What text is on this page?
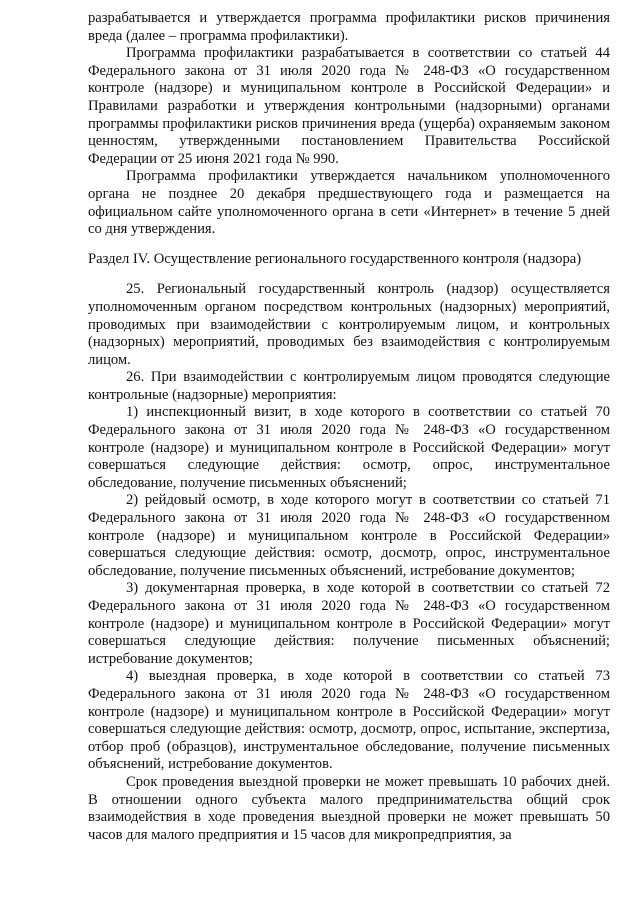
разрабатывается и утверждается программа профилактики рисков причинения вреда (далее – программа профилактики).

Программа профилактики разрабатывается в соответствии со статьей 44 Федерального закона от 31 июля 2020 года № 248-ФЗ «О государственном контроле (надзоре) и муниципальном контроле в Российской Федерации» и Правилами разработки и утверждения контрольными (надзорными) органами программы профилактики рисков причинения вреда (ущерба) охраняемым законом ценностям, утвержденными постановлением Правительства Российской Федерации от 25 июня 2021 года № 990.

Программа профилактики утверждается начальником уполномоченного органа не позднее 20 декабря предшествующего года и размещается на официальном сайте уполномоченного органа в сети «Интернет» в течение 5 дней со дня утверждения.

Раздел IV. Осуществление регионального государственного контроля (надзора)

25. Региональный государственный контроль (надзор) осуществляется уполномоченным органом посредством контрольных (надзорных) мероприятий, проводимых при взаимодействии с контролируемым лицом, и контрольных (надзорных) мероприятий, проводимых без взаимодействия с контролируемым лицом.

26. При взаимодействии с контролируемым лицом проводятся следующие контрольные (надзорные) мероприятия:

1) инспекционный визит, в ходе которого в соответствии со статьей 70 Федерального закона от 31 июля 2020 года № 248-ФЗ «О государственном контроле (надзоре) и муниципальном контроле в Российской Федерации» могут совершаться следующие действия: осмотр, опрос, инструментальное обследование, получение письменных объяснений;

2) рейдовый осмотр, в ходе которого могут в соответствии со статьей 71 Федерального закона от 31 июля 2020 года № 248-ФЗ «О государственном контроле (надзоре) и муниципальном контроле в Российской Федерации» совершаться следующие действия: осмотр, досмотр, опрос, инструментальное обследование, получение письменных объяснений, истребование документов;

3) документарная проверка, в ходе которой в соответствии со статьей 72 Федерального закона от 31 июля 2020 года № 248-ФЗ «О государственном контроле (надзоре) и муниципальном контроле в Российской Федерации» могут совершаться следующие действия: получение письменных объяснений; истребование документов;

4) выездная проверка, в ходе которой в соответствии со статьей 73 Федерального закона от 31 июля 2020 года № 248-ФЗ «О государственном контроле (надзоре) и муниципальном контроле в Российской Федерации» могут совершаться следующие действия: осмотр, досмотр, опрос, испытание, экспертиза, отбор проб (образцов), инструментальное обследование, получение письменных объяснений, истребование документов.

Срок проведения выездной проверки не может превышать 10 рабочих дней. В отношении одного субъекта малого предпринимательства общий срок взаимодействия в ходе проведения выездной проверки не может превышать 50 часов для малого предприятия и 15 часов для микропредприятия, за
